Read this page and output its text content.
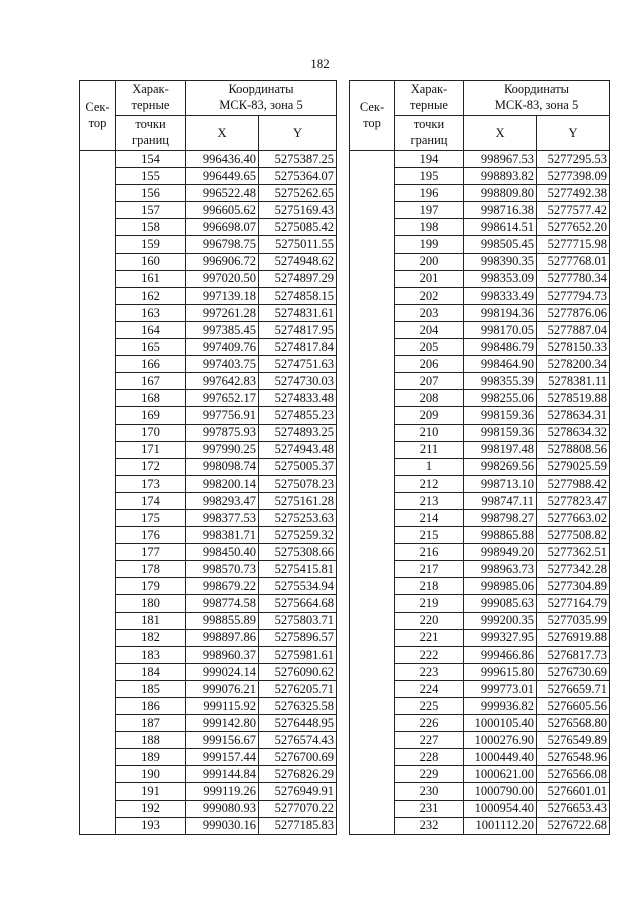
182
Сек-
тор	Харак-
терные	Координаты
МСК-83, зона 5	

	точки
границ	X	Y
	154	996436.40	5275387.25
	155	996449.65	5275364.07
	156	996522.48	5275262.65
	157	996605.62	5275169.43
	158	996698.07	5275085.42
	159	996798.75	5275011.55
	160	996906.72	5274948.62
	161	997020.50	5274897.29
	162	997139.18	5274858.15
	163	997261.28	5274831.61
	164	997385.45	5274817.95
	165	997409.76	5274817.84
	166	997403.75	5274751.63
	167	997642.83	5274730.03
	168	997652.17	5274833.48
	169	997756.91	5274855.23
	170	997875.93	5274893.25
	171	997990.25	5274943.48
	172	998098.74	5275005.37
	173	998200.14	5275078.23
	174	998293.47	5275161.28
	175	998377.53	5275253.63
	176	998381.71	5275259.32
	177	998450.40	5275308.66
	178	998570.73	5275415.81
	179	998679.22	5275534.94
	180	998774.58	5275664.68
	181	998855.89	5275803.71
	182	998897.86	5275896.57
	183	998960.37	5275981.61
	184	999024.14	5276090.62
	185	999076.21	5276205.71
	186	999115.92	5276325.58
	187	999142.80	5276448.95
	188	999156.67	5276574.43
	189	999157.44	5276700.69
	190	999144.84	5276826.29
	191	999119.26	5276949.91
	192	999080.93	5277070.22
	193	999030.16	5277185.83
Сек-
тор	Харак-
терные	Координаты
МСК-83, зона 5	

	точки
границ	X	Y
	194	998967.53	5277295.53
	195	998893.82	5277398.09
	196	998809.80	5277492.38
	197	998716.38	5277577.42
	198	998614.51	5277652.20
	199	998505.45	5277715.98
	200	998390.35	5277768.01
	201	998353.09	5277780.34
	202	998333.49	5277794.73
	203	998194.36	5277876.06
	204	998170.05	5277887.04
	205	998486.79	5278150.33
	206	998464.90	5278200.34
	207	998355.39	5278381.11
	208	998255.06	5278519.88
	209	998159.36	5278634.31
	210	998159.36	5278634.32
	211	998197.48	5278808.56
	1	998269.56	5279025.59
	212	998713.10	5277988.42
	213	998747.11	5277823.47
	214	998798.27	5277663.02
	215	998865.88	5277508.82
	216	998949.20	5277362.51
	217	998963.73	5277342.28
	218	998985.06	5277304.89
	219	999085.63	5277164.79
	220	999200.35	5277035.99
	221	999327.95	5276919.88
	222	999466.86	5276817.73
	223	999615.80	5276730.69
	224	999773.01	5276659.71
	225	999936.82	5276605.56
	226	1000105.40	5276568.80
	227	1000276.90	5276549.89
	228	1000449.40	5276548.96
	229	1000621.00	5276566.08
	230	1000790.00	5276601.01
	231	1000954.40	5276653.43
	232	1001112.20	5276722.68
